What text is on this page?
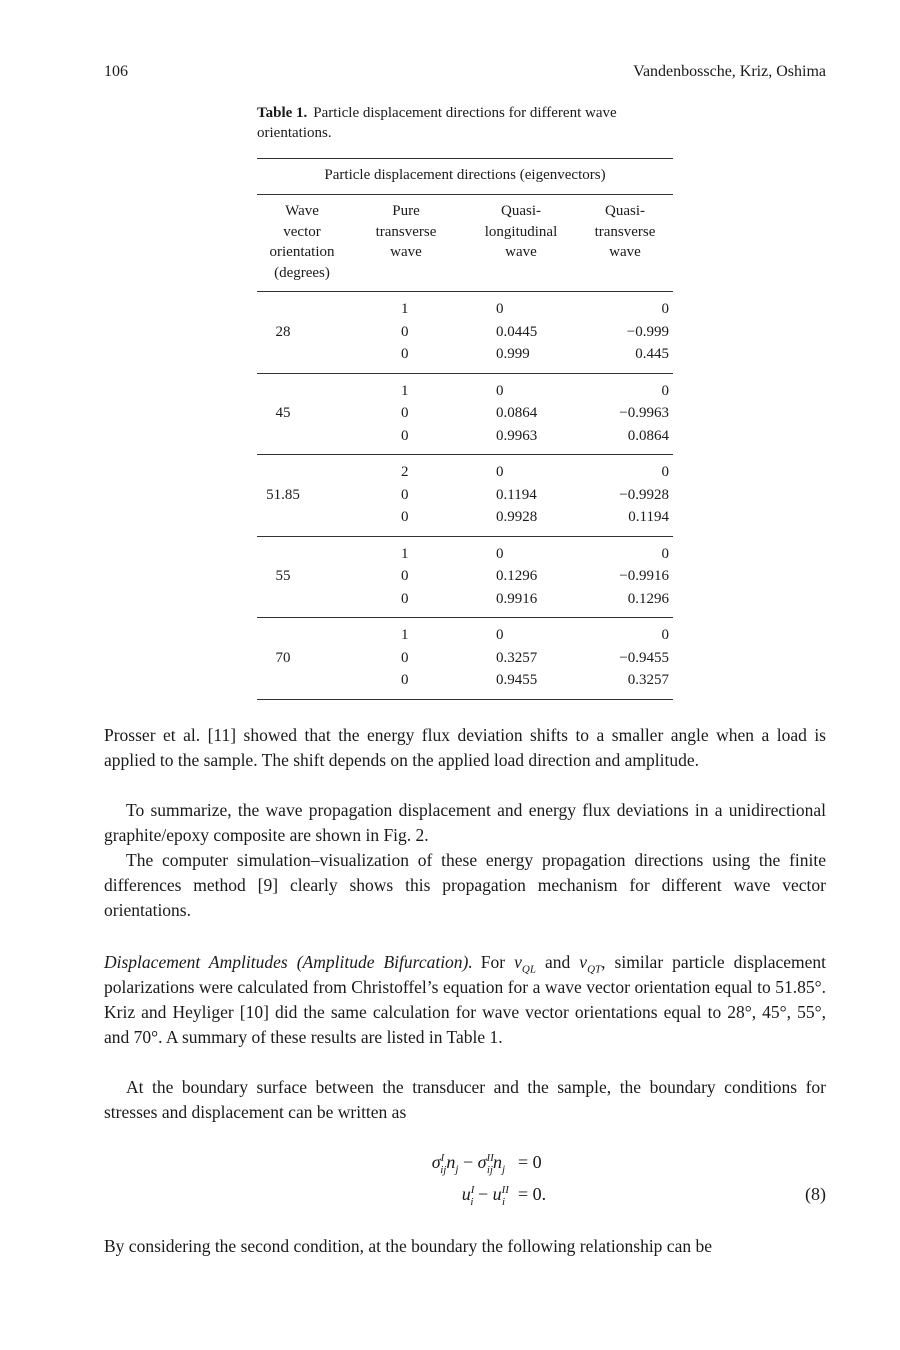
106	Vandenbossche, Kriz, Oshima

Table 1. Particle displacement directions for different wave orientations.

Particle displacement directions (eigenvectors)
Wave
vector
orientation
(degrees)
Pure
transverse
wave
Quasi-
longitudinal
wave
Quasi-
transverse
wave
28
1
0
0
0
0.0445
0.999
0
−0.999
0.445
45
1
0
0
0
0.0864
0.9963
0
−0.9963
0.0864
51.85
2
0
0
0
0.1194
0.9928
0
−0.9928
0.1194
55
1
0
0
0
0.1296
0.9916
0
−0.9916
0.1296
70
1
0
0
0
0.3257
0.9455
0
−0.9455
0.3257

Prosser et al. [11] showed that the energy flux deviation shifts to a smaller angle when a load is applied to the sample. The shift depends on the applied load direction and amplitude.

To summarize, the wave propagation displacement and energy flux deviations in a unidirectional graphite/epoxy composite are shown in Fig. 2.

The computer simulation–visualization of these energy propagation directions using the finite differences method [9] clearly shows this propagation mechanism for different wave vector orientations.

Displacement Amplitudes (Amplitude Bifurcation). For $v_{QL}$ and $v_{QT}$, similar particle displacement polarizations were calculated from Christoffel’s equation for a wave vector orientation equal to 51.85°. Kriz and Heyliger [10] did the same calculation for wave vector orientations equal to 28°, 45°, 55°, and 70°. A summary of these results are listed in Table 1.

At the boundary surface between the transducer and the sample, the boundary conditions for stresses and displacement can be written as

$\sigma^I_{ij}n_j - \sigma^{II}_{ij}n_j = 0$
$u^I_i - u^{II}_i = 0$.	(8)

By considering the second condition, at the boundary the following relationship can be
